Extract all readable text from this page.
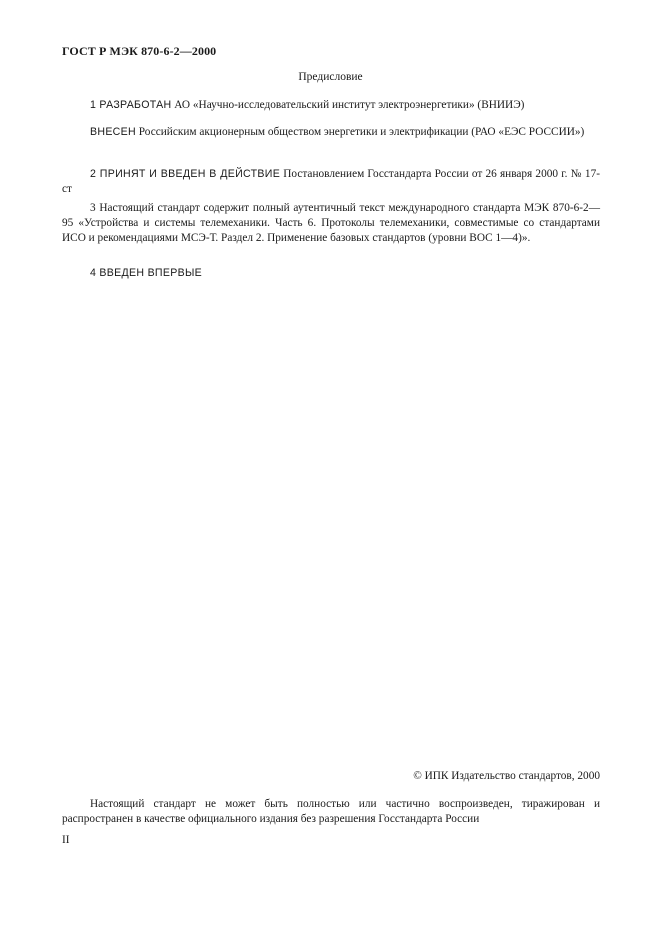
ГОСТ Р МЭК 870-6-2—2000
Предисловие

1 РАЗРАБОТАН АО «Научно-исследовательский институт электроэнергетики» (ВНИИЭ)

ВНЕСЕН Российским акционерным обществом энергетики и электрификации (РАО «ЕЭС РОССИИ»)

2 ПРИНЯТ И ВВЕДЕН В ДЕЙСТВИЕ Постановлением Госстандарта России от 26 января 2000 г. № 17-ст

3 Настоящий стандарт содержит полный аутентичный текст международного стандарта МЭК 870-6-2—95 «Устройства и системы телемеханики. Часть 6. Протоколы телемеханики, совместимые со стандартами ИСО и рекомендациями МСЭ-Т. Раздел 2. Применение базовых стандартов (уровни ВОС 1—4)».

4 ВВЕДЕН ВПЕРВЫЕ

© ИПК Издательство стандартов, 2000

Настоящий стандарт не может быть полностью или частично воспроизведен, тиражирован и распространен в качестве официального издания без разрешения Госстандарта России

II
